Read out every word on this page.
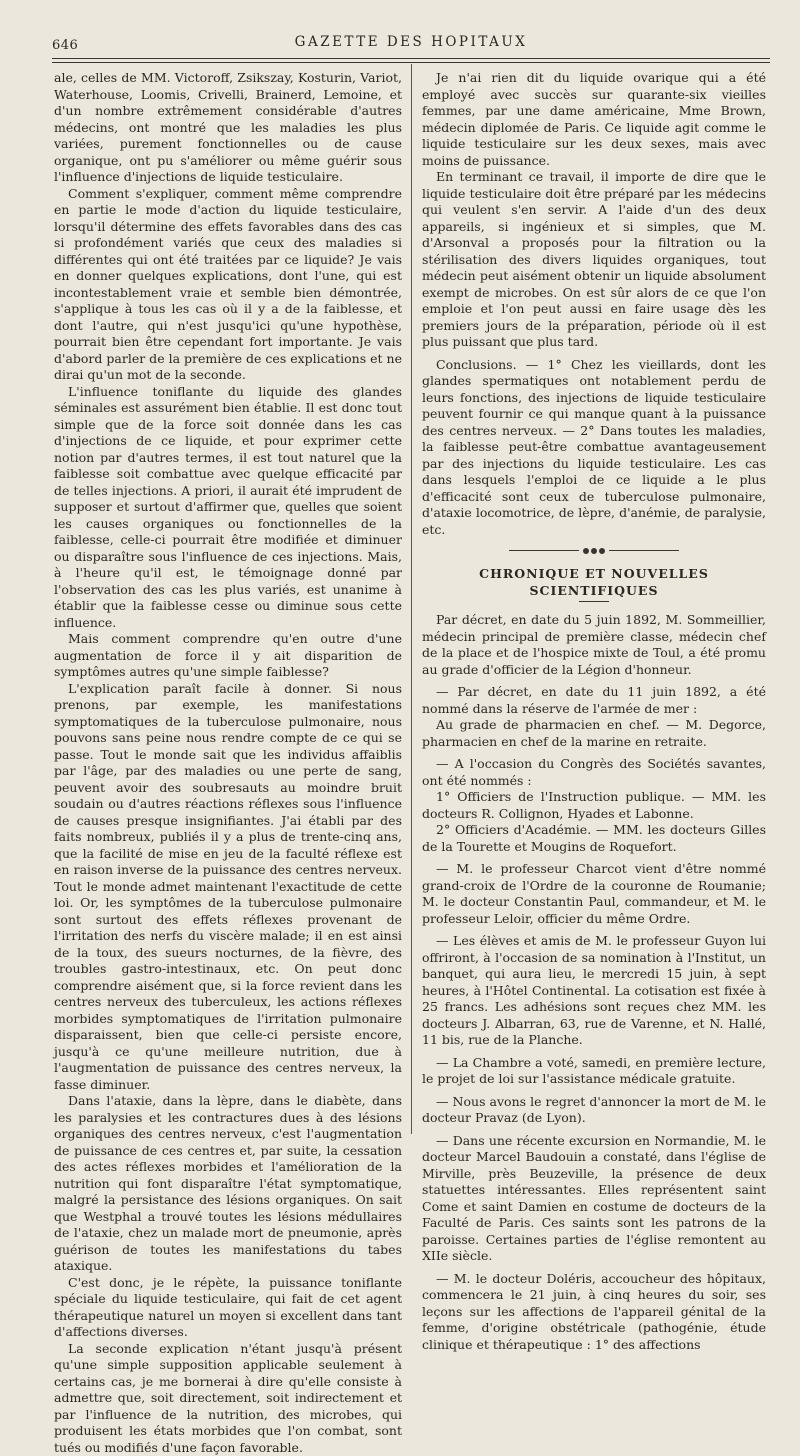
646	GAZETTE DES HOPITAUX

ale, celles de MM. Victoroff, Zsikszay, Kosturin, Variot, Waterhouse, Loomis, Crivelli, Brainerd, Lemoine, et d'un nombre extrêmement considérable d'autres médecins, ont montré que les maladies les plus variées, purement fonctionnelles ou de cause organique, ont pu s'améliorer ou même guérir sous l'influence d'injections de liquide testiculaire.

Comment s'expliquer, comment même comprendre en partie le mode d'action du liquide testiculaire, lorsqu'il détermine des effets favorables dans des cas si profondément variés que ceux des maladies si différentes qui ont été traitées par ce liquide? Je vais en donner quelques explications, dont l'une, qui est incontestablement vraie et semble bien démontrée, s'applique à tous les cas où il y a de la faiblesse, et dont l'autre, qui n'est jusqu'ici qu'une hypothèse, pourrait bien être cependant fort importante. Je vais d'abord parler de la première de ces explications et ne dirai qu'un mot de la seconde.

L'influence toniflante du liquide des glandes séminales est assurément bien établie. Il est donc tout simple que de la force soit donnée dans les cas d'injections de ce liquide, et pour exprimer cette notion par d'autres termes, il est tout naturel que la faiblesse soit combattue avec quelque efficacité par de telles injections. A priori, il aurait été imprudent de supposer et surtout d'affirmer que, quelles que soient les causes organiques ou fonctionnelles de la faiblesse, celle-ci pourrait être modifiée et diminuer ou disparaître sous l'influence de ces injections. Mais, à l'heure qu'il est, le témoignage donné par l'observation des cas les plus variés, est unanime à établir que la faiblesse cesse ou diminue sous cette influence.

Mais comment comprendre qu'en outre d'une augmentation de force il y ait disparition de symptômes autres qu'une simple faiblesse?

L'explication paraît facile à donner. Si nous prenons, par exemple, les manifestations symptomatiques de la tuberculose pulmonaire, nous pouvons sans peine nous rendre compte de ce qui se passe. Tout le monde sait que les individus affaiblis par l'âge, par des maladies ou une perte de sang, peuvent avoir des soubresauts au moindre bruit soudain ou d'autres réactions réflexes sous l'influence de causes presque insignifiantes. J'ai établi par des faits nombreux, publiés il y a plus de trente-cinq ans, que la facilité de mise en jeu de la faculté réflexe est en raison inverse de la puissance des centres nerveux. Tout le monde admet maintenant l'exactitude de cette loi. Or, les symptômes de la tuberculose pulmonaire sont surtout des effets réflexes provenant de l'irritation des nerfs du viscère malade; il en est ainsi de la toux, des sueurs nocturnes, de la fièvre, des troubles gastro-intestinaux, etc. On peut donc comprendre aisément que, si la force revient dans les centres nerveux des tuberculeux, les actions réflexes morbides symptomatiques de l'irritation pulmonaire disparaissent, bien que celle-ci persiste encore, jusqu'à ce qu'une meilleure nutrition, due à l'augmentation de puissance des centres nerveux, la fasse diminuer.

Dans l'ataxie, dans la lèpre, dans le diabète, dans les paralysies et les contractures dues à des lésions organiques des centres nerveux, c'est l'augmentation de puissance de ces centres et, par suite, la cessation des actes réflexes morbides et l'amélioration de la nutrition qui font disparaître l'état symptomatique, malgré la persistance des lésions organiques. On sait que Westphal a trouvé toutes les lésions médullaires de l'ataxie, chez un malade mort de pneumonie, après guérison de toutes les manifestations du tabes ataxique.

C'est donc, je le répète, la puissance toniflante spéciale du liquide testiculaire, qui fait de cet agent thérapeutique naturel un moyen si excellent dans tant d'affections diverses.

La seconde explication n'étant jusqu'à présent qu'une simple supposition applicable seulement à certains cas, je me bornerai à dire qu'elle consiste à admettre que, soit directement, soit indirectement et par l'influence de la nutrition, des microbes, qui produisent les états morbides que l'on combat, sont tués ou modifiés d'une façon favorable.

Je n'ai rien dit du liquide ovarique qui a été employé avec succès sur quarante-six vieilles femmes, par une dame américaine, Mme Brown, médecin diplomée de Paris. Ce liquide agit comme le liquide testiculaire sur les deux sexes, mais avec moins de puissance.

En terminant ce travail, il importe de dire que le liquide testiculaire doit être préparé par les médecins qui veulent s'en servir. A l'aide d'un des deux appareils, si ingénieux et si simples, que M. d'Arsonval a proposés pour la filtration ou la stérilisation des divers liquides organiques, tout médecin peut aisément obtenir un liquide absolument exempt de microbes. On est sûr alors de ce que l'on emploie et l'on peut aussi en faire usage dès les premiers jours de la préparation, période où il est plus puissant que plus tard.

Conclusions. — 1° Chez les vieillards, dont les glandes spermatiques ont notablement perdu de leurs fonctions, des injections de liquide testiculaire peuvent fournir ce qui manque quant à la puissance des centres nerveux. — 2° Dans toutes les maladies, la faiblesse peut-être combattue avantageusement par des injections du liquide testiculaire. Les cas dans lesquels l'emploi de ce liquide a le plus d'efficacité sont ceux de tuberculose pulmonaire, d'ataxie locomotrice, de lèpre, d'anémie, de paralysie, etc.

CHRONIQUE ET NOUVELLES SCIENTIFIQUES

Par décret, en date du 5 juin 1892, M. Sommeillier, médecin principal de première classe, médecin chef de la place et de l'hospice mixte de Toul, a été promu au grade d'officier de la Légion d'honneur.

— Par décret, en date du 11 juin 1892, a été nommé dans la réserve de l'armée de mer :

Au grade de pharmacien en chef. — M. Degorce, pharmacien en chef de la marine en retraite.

— A l'occasion du Congrès des Sociétés savantes, ont été nommés :

1° Officiers de l'Instruction publique. — MM. les docteurs R. Collignon, Hyades et Labonne.

2° Officiers d'Académie. — MM. les docteurs Gilles de la Tourette et Mougins de Roquefort.

— M. le professeur Charcot vient d'être nommé grand-croix de l'Ordre de la couronne de Roumanie; M. le docteur Constantin Paul, commandeur, et M. le professeur Leloir, officier du même Ordre.

— Les élèves et amis de M. le professeur Guyon lui offriront, à l'occasion de sa nomination à l'Institut, un banquet, qui aura lieu, le mercredi 15 juin, à sept heures, à l'Hôtel Continental. La cotisation est fixée à 25 francs. Les adhésions sont reçues chez MM. les docteurs J. Albarran, 63, rue de Varenne, et N. Hallé, 11 bis, rue de la Planche.

— La Chambre a voté, samedi, en première lecture, le projet de loi sur l'assistance médicale gratuite.

— Nous avons le regret d'annoncer la mort de M. le docteur Pravaz (de Lyon).

— Dans une récente excursion en Normandie, M. le docteur Marcel Baudouin a constaté, dans l'église de Mirville, près Beuzeville, la présence de deux statuettes intéressantes. Elles représentent saint Come et saint Damien en costume de docteurs de la Faculté de Paris. Ces saints sont les patrons de la paroisse. Certaines parties de l'église remontent au XIIe siècle.

— M. le docteur Doléris, accoucheur des hôpitaux, commencera le 21 juin, à cinq heures du soir, ses leçons sur les affections de l'appareil génital de la femme, d'origine obstétricale (pathogénie, étude clinique et thérapeutique : 1° des affections
